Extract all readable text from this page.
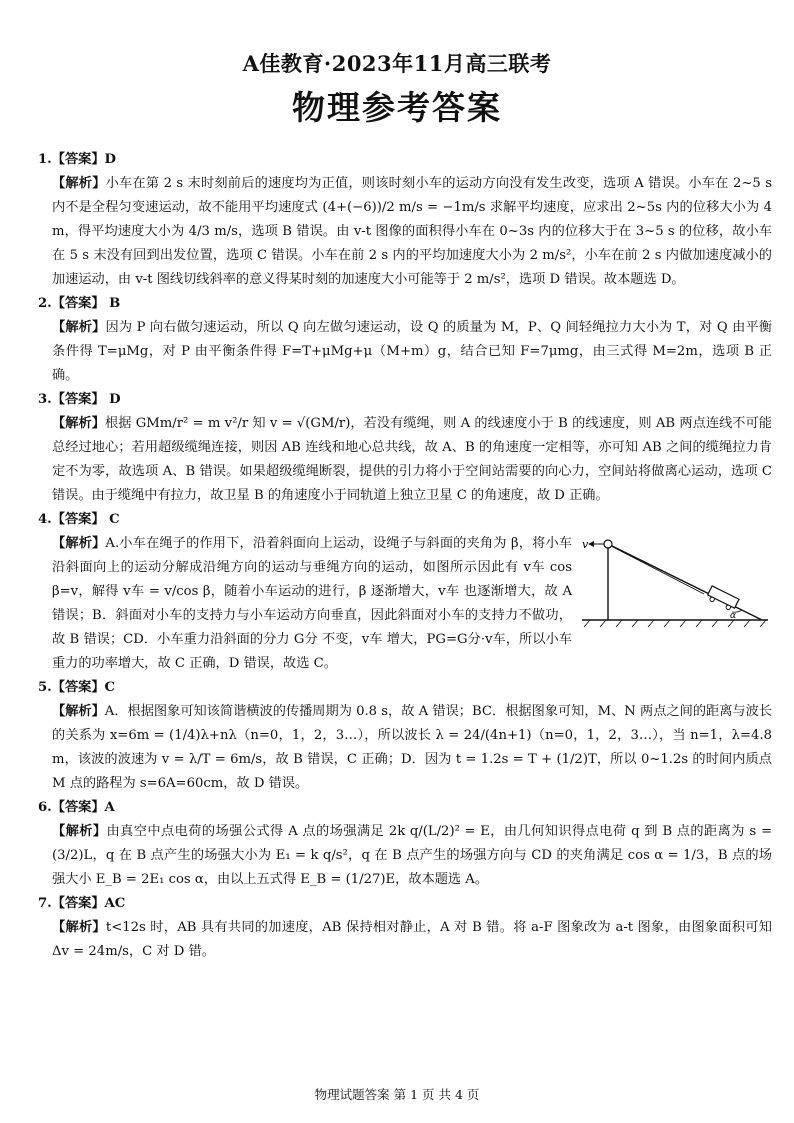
A佳教育·2023年11月高三联考
物理参考答案

1.【答案】D

【解析】小车在第 2 s 末时刻前后的速度均为正值，则该时刻小车的运动方向没有发生改变，选项 A 错误。小车在 2~5 s 内不是全程匀变速运动，故不能用平均速度式 (4+(−6))/2 m/s = −1m/s 求解平均速度，应求出 2~5s 内的位移大小为 4 m，得平均速度大小为 4/3 m/s，选项 B 错误。由 v-t 图像的面积得小车在 0~3s 内的位移大于在 3~5 s 的位移，故小车在 5 s 末没有回到出发位置，选项 C 错误。小车在前 2 s 内的平均加速度大小为 2 m/s²，小车在前 2 s 内做加速度减小的加速运动，由 v-t 图线切线斜率的意义得某时刻的加速度大小可能等于 2 m/s²，选项 D 错误。故本题选 D。

2.【答案】 B

【解析】因为 P 向右做匀速运动，所以 Q 向左做匀速运动，设 Q 的质量为 M，P、Q 间轻绳拉力大小为 T，对 Q 由平衡条件得 T=μMg，对 P 由平衡条件得 F=T+μMg+μ（M+m）g，结合已知 F=7μmg，由三式得 M=2m，选项 B 正确。

3.【答案】 D

【解析】根据 GMm/r² = m v²/r 知 v = √(GM/r)，若没有缆绳，则 A 的线速度小于 B 的线速度，则 AB 两点连线不可能总经过地心；若用超级缆绳连接，则因 AB 连线和地心总共线，故 A、B 的角速度一定相等，亦可知 AB 之间的缆绳拉力肯定不为零，故选项 A、B 错误。如果超级缆绳断裂，提供的引力将小于空间站需要的向心力，空间站将做离心运动，选项 C 错误。由于缆绳中有拉力，故卫星 B 的角速度小于同轨道上独立卫星 C 的角速度，故 D 正确。

4.【答案】 C

v
α
【解析】A.小车在绳子的作用下，沿着斜面向上运动，设绳子与斜面的夹角为 β，将小车 沿斜面向上的运动分解成沿绳方向的运动与垂绳方向的运动，如图所示因此有 v车 cos β=v，解得 v车 = v/cos β，随着小车运动的进行，β 逐渐增大，v车 也逐渐增大，故 A 错误；B．斜面对小车的支持力与小车运动方向垂直，因此斜面对小车的支持力不做功，故 B 错误；CD．小车重力沿斜面的分力 G分 不变，v车 增大，PG=G分·v车，所以小车重力的功率增大，故 C 正确，D 错误，故选 C。

5.【答案】C

【解析】A．根据图象可知该简谐横波的传播周期为 0.8 s，故 A 错误；BC．根据图象可知，M、N 两点之间的距离与波长的关系为 x=6m = (1/4)λ+nλ（n=0，1，2，3…），所以波长 λ = 24/(4n+1)（n=0，1，2，3…），当 n=1，λ=4.8 m，该波的波速为 v = λ/T = 6m/s，故 B 错误，C 正确；D．因为 t = 1.2s = T + (1/2)T，所以 0~1.2s 的时间内质点 M 点的路程为 s=6A=60cm，故 D 错误。

6.【答案】A

【解析】由真空中点电荷的场强公式得 A 点的场强满足 2k q/(L/2)² = E，由几何知识得点电荷 q 到 B 点的距离为 s = (3/2)L，q 在 B 点产生的场强大小为 E₁ = k q/s²，q 在 B 点产生的场强方向与 CD 的夹角满足 cos α = 1/3，B 点的场强大小 E_B = 2E₁ cos α，由以上五式得 E_B = (1/27)E，故本题选 A。

7.【答案】AC

【解析】t<12s 时，AB 具有共同的加速度，AB 保持相对静止，A 对 B 错。将 a-F 图象改为 a-t 图象，由图象面积可知 Δv = 24m/s，C 对 D 错。

物理试题答案 第 1 页 共 4 页
